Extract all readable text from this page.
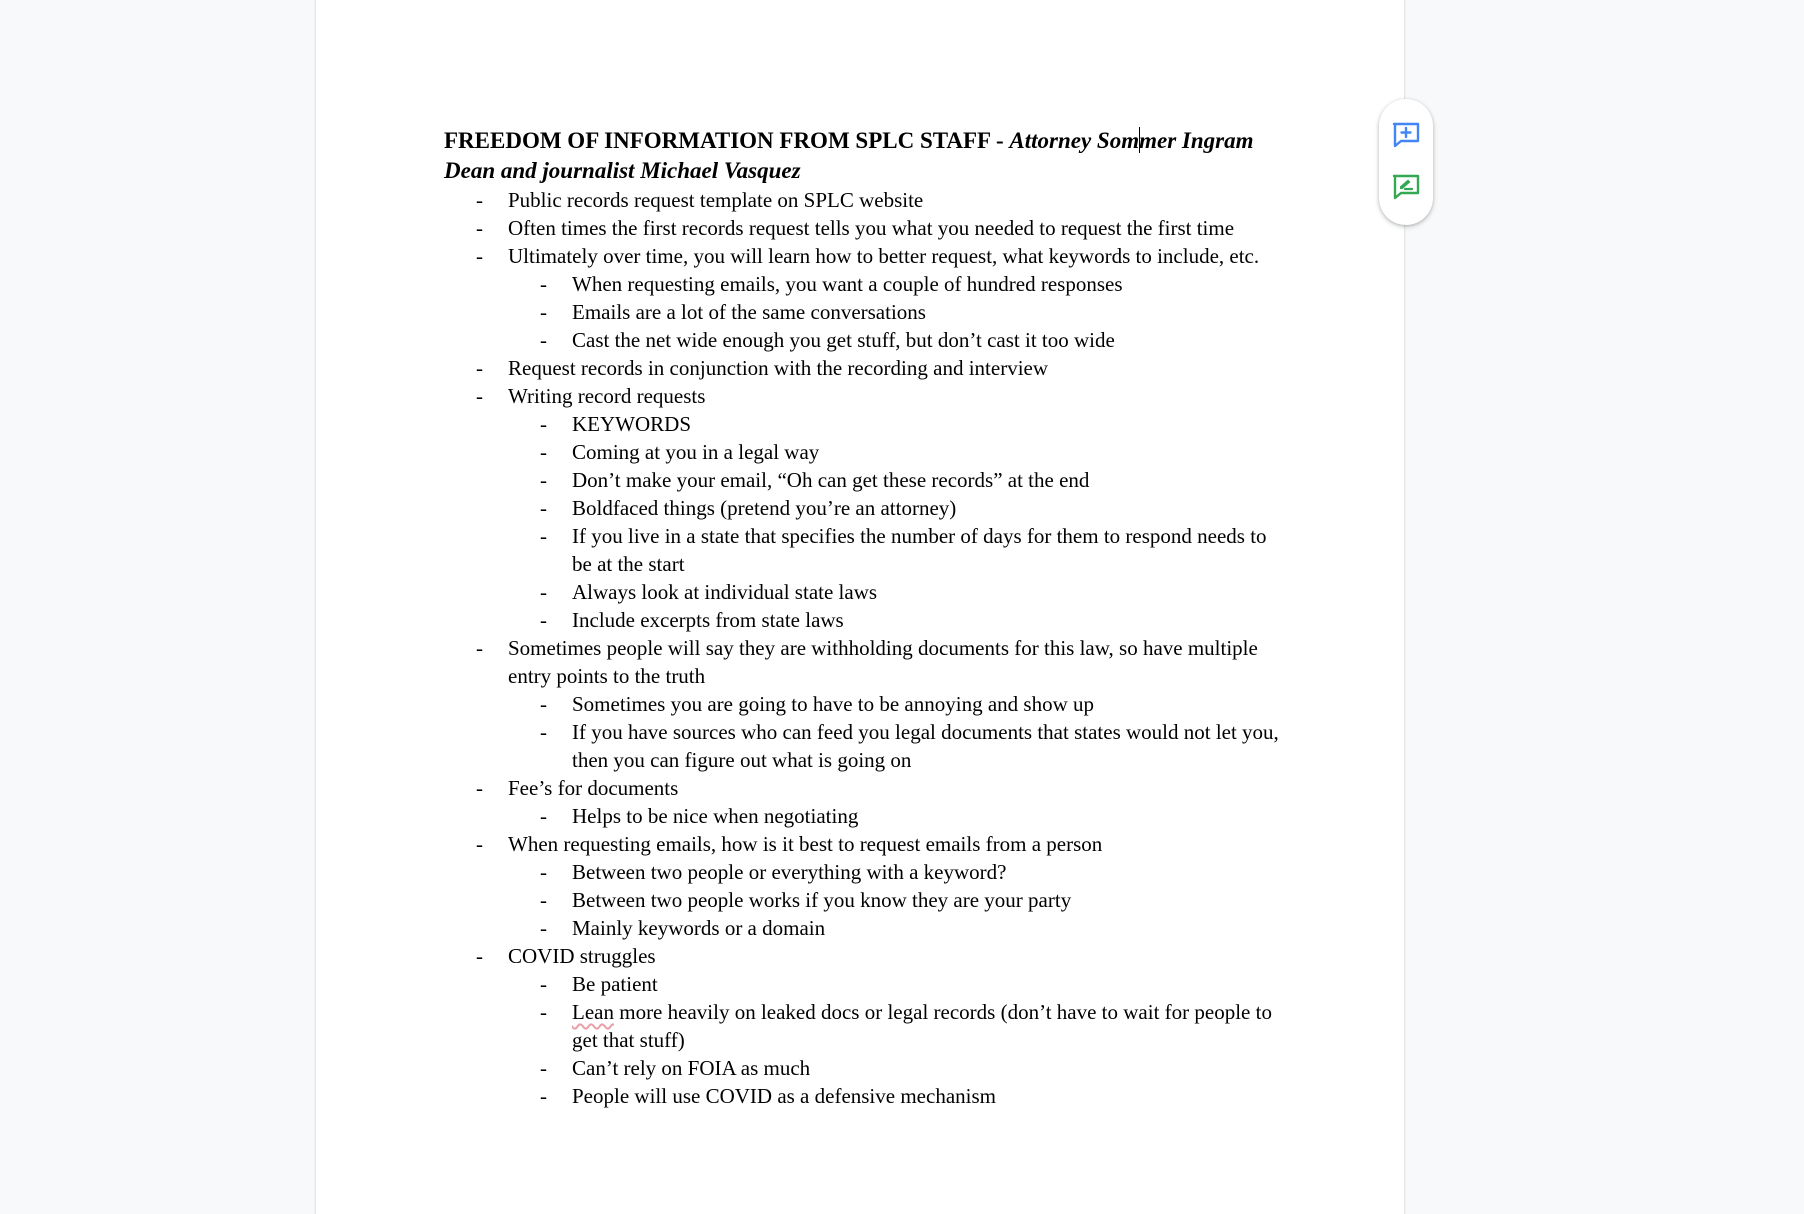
FREEDOM OF INFORMATION FROM SPLC STAFF - Attorney Sommer Ingram Dean and journalist Michael Vasquez
- Public records request template on SPLC website
- Often times the first records request tells you what you needed to request the first time
- Ultimately over time, you will learn how to better request, what keywords to include, etc.
- When requesting emails, you want a couple of hundred responses
- Emails are a lot of the same conversations
- Cast the net wide enough you get stuff, but don’t cast it too wide
- Request records in conjunction with the recording and interview
- Writing record requests
- KEYWORDS
- Coming at you in a legal way
- Don’t make your email, “Oh can get these records” at the end
- Boldfaced things (pretend you’re an attorney)
- If you live in a state that specifies the number of days for them to respond needs to be at the start
- Always look at individual state laws
- Include excerpts from state laws
- Sometimes people will say they are withholding documents for this law, so have multiple entry points to the truth
- Sometimes you are going to have to be annoying and show up
- If you have sources who can feed you legal documents that states would not let you, then you can figure out what is going on
- Fee’s for documents
- Helps to be nice when negotiating
- When requesting emails, how is it best to request emails from a person
- Between two people or everything with a keyword?
- Between two people works if you know they are your party
- Mainly keywords or a domain
- COVID struggles
- Be patient
- Lean more heavily on leaked docs or legal records (don’t have to wait for people to get that stuff)
- Can’t rely on FOIA as much
- People will use COVID as a defensive mechanism
